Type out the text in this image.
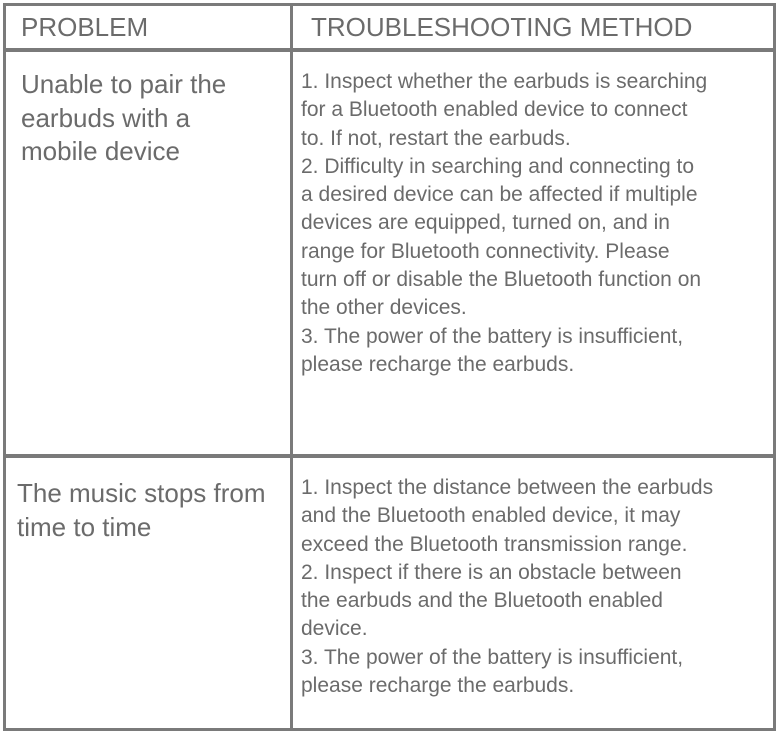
PROBLEM	TROUBLESHOOTING METHOD
Unable to pair the
earbuds with a
mobile device
1. Inspect whether the earbuds is searching
for a Bluetooth enabled device to connect
to. If not, restart the earbuds.
2. Difficulty in searching and connecting to
a desired device can be affected if multiple
devices are equipped, turned on, and in
range for Bluetooth connectivity. Please
turn off or disable the Bluetooth function on
the other devices.
3. The power of the battery is insufficient,
please recharge the earbuds.
The music stops from
time to time
1. Inspect the distance between the earbuds
and the Bluetooth enabled device, it may
exceed the Bluetooth transmission range.
2. Inspect if there is an obstacle between
the earbuds and the Bluetooth enabled
device.
3. The power of the battery is insufficient,
please recharge the earbuds.
